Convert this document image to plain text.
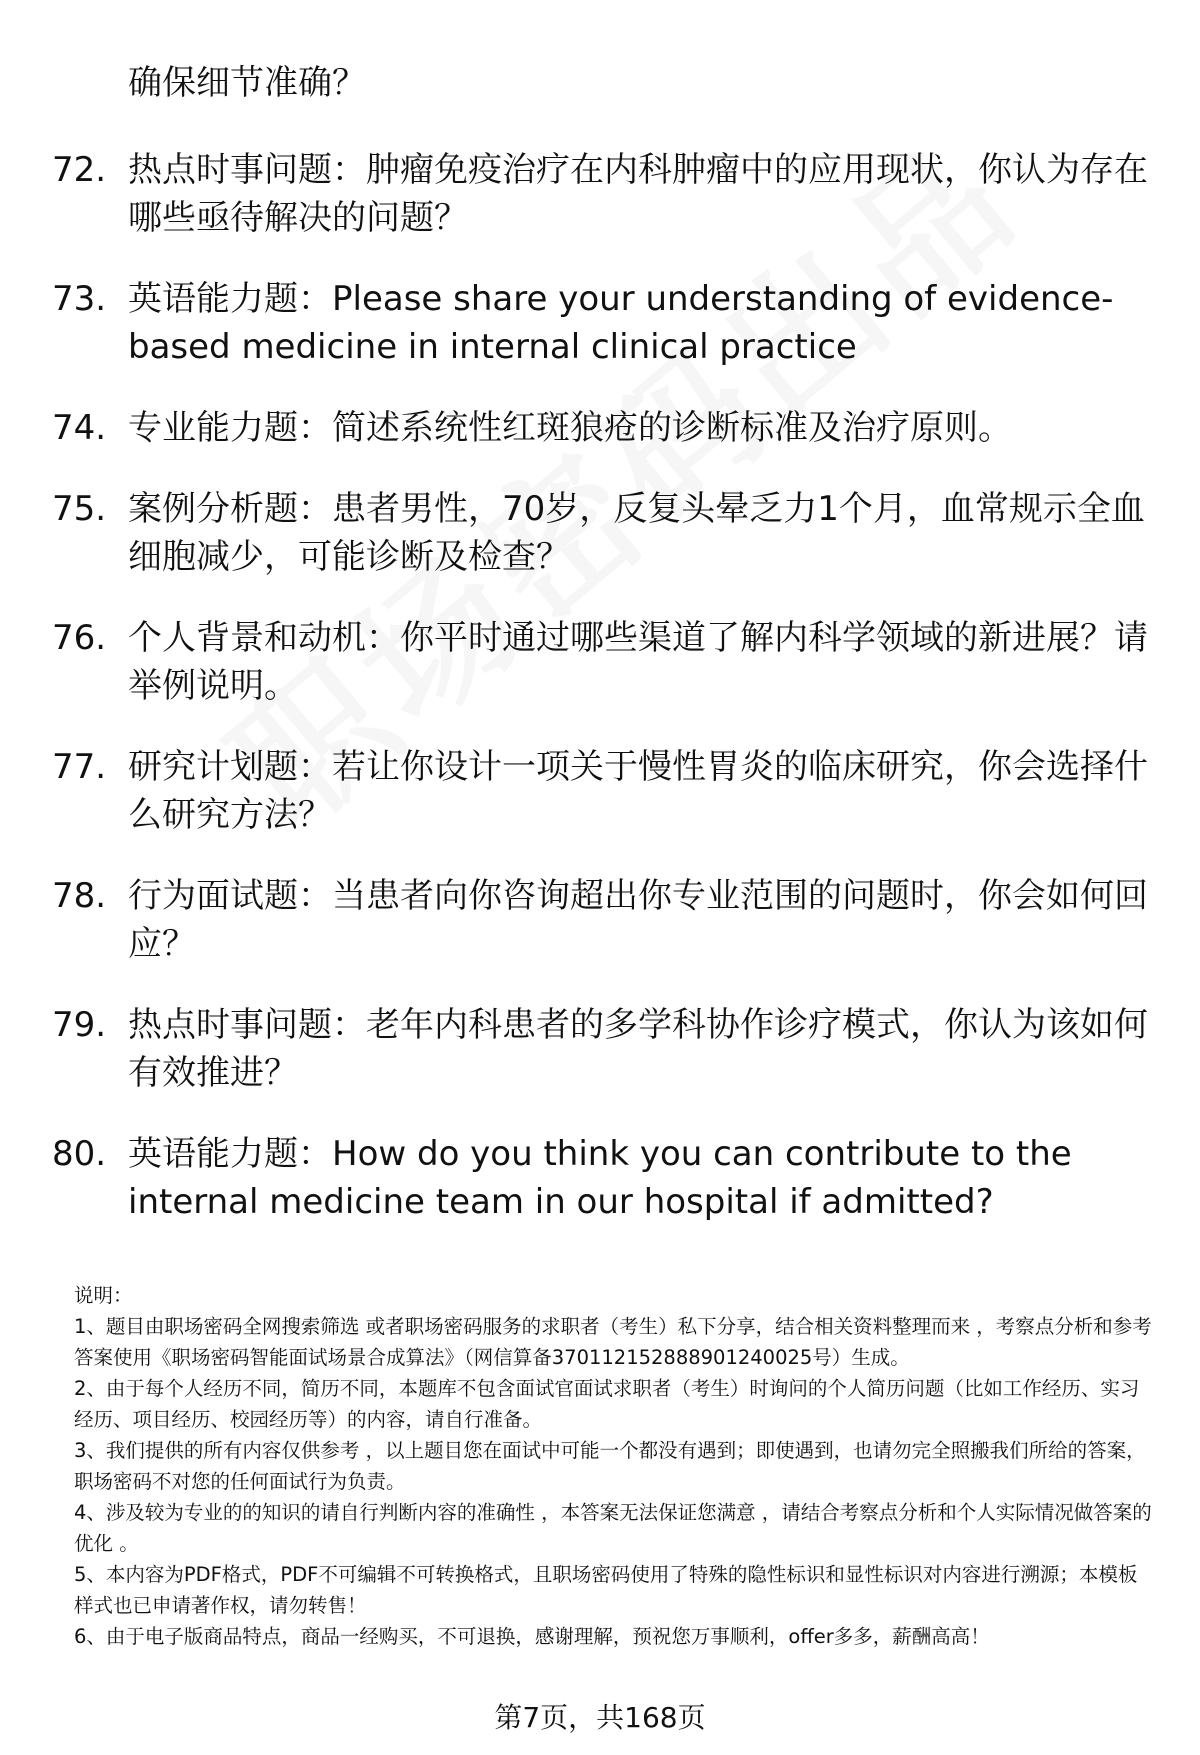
确保细节准确？
72. 热点时事问题：肿瘤免疫治疗在内科肿瘤中的应用现状，你认为存在哪些亟待解决的问题？
73. 英语能力题：Please share your understanding of evidence-based medicine in internal clinical practice
74. 专业能力题：简述系统性红斑狼疮的诊断标准及治疗原则。
75. 案例分析题：患者男性，70岁，反复头晕乏力1个月，血常规示全血细胞减少，可能诊断及检查？
76. 个人背景和动机：你平时通过哪些渠道了解内科学领域的新进展？请举例说明。
77. 研究计划题：若让你设计一项关于慢性胃炎的临床研究，你会选择什么研究方法？
78. 行为面试题：当患者向你咨询超出你专业范围的问题时，你会如何回应？
79. 热点时事问题：老年内科患者的多学科协作诊疗模式，你认为该如何有效推进？
80. 英语能力题：How do you think you can contribute to the internal medicine team in our hospital if admitted?

说明：

1、题目由职场密码全网搜索筛选 或者职场密码服务的求职者（考生）私下分享，结合相关资料整理而来 ，考察点分析和参考答案使用《职场密码智能面试场景合成算法》（网信算备370112152888901240025号）生成。

2、由于每个人经历不同，简历不同，本题库不包含面试官面试求职者（考生）时询问的个人简历问题（比如工作经历、实习经历、项目经历、校园经历等）的内容，请自行准备。

3、我们提供的所有内容仅供参考 ，以上题目您在面试中可能一个都没有遇到；即使遇到，也请勿完全照搬我们所给的答案，职场密码不对您的任何面试行为负责。

4、涉及较为专业的的知识的请自行判断内容的准确性 ，本答案无法保证您满意 ，请结合考察点分析和个人实际情况做答案的优化 。

5、本内容为PDF格式，PDF不可编辑不可转换格式，且职场密码使用了特殊的隐性标识和显性标识对内容进行溯源；本模板样式也已申请著作权，请勿转售！

6、由于电子版商品特点，商品一经购买，不可退换，感谢理解，预祝您万事顺利，offer多多，薪酬高高！

第7页，共168页
